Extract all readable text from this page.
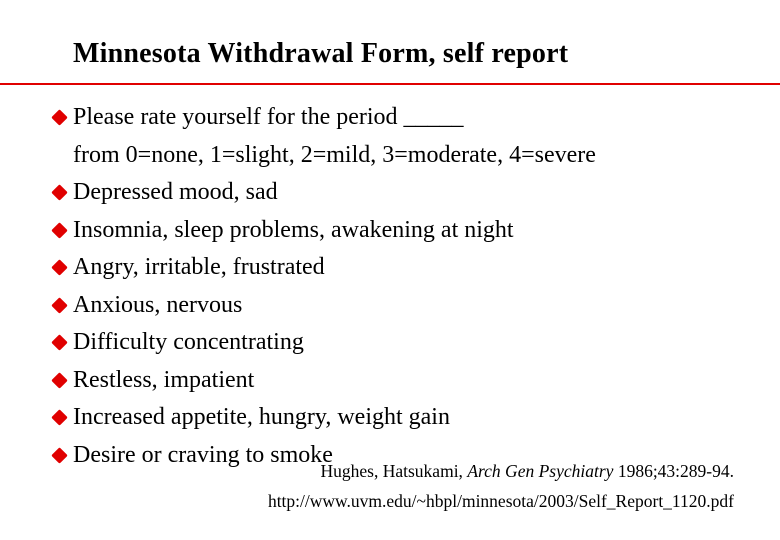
Minnesota Withdrawal Form, self report
Please rate yourself for the period _____
from 0=none, 1=slight, 2=mild, 3=moderate, 4=severe
Depressed mood, sad
Insomnia, sleep problems, awakening at night
Angry, irritable, frustrated
Anxious, nervous
Difficulty concentrating
Restless, impatient
Increased appetite, hungry, weight gain
Desire or craving to smoke
Hughes, Hatsukami, Arch Gen Psychiatry 1986;43:289-94.
http://www.uvm.edu/~hbpl/minnesota/2003/Self_Report_1120.pdf
